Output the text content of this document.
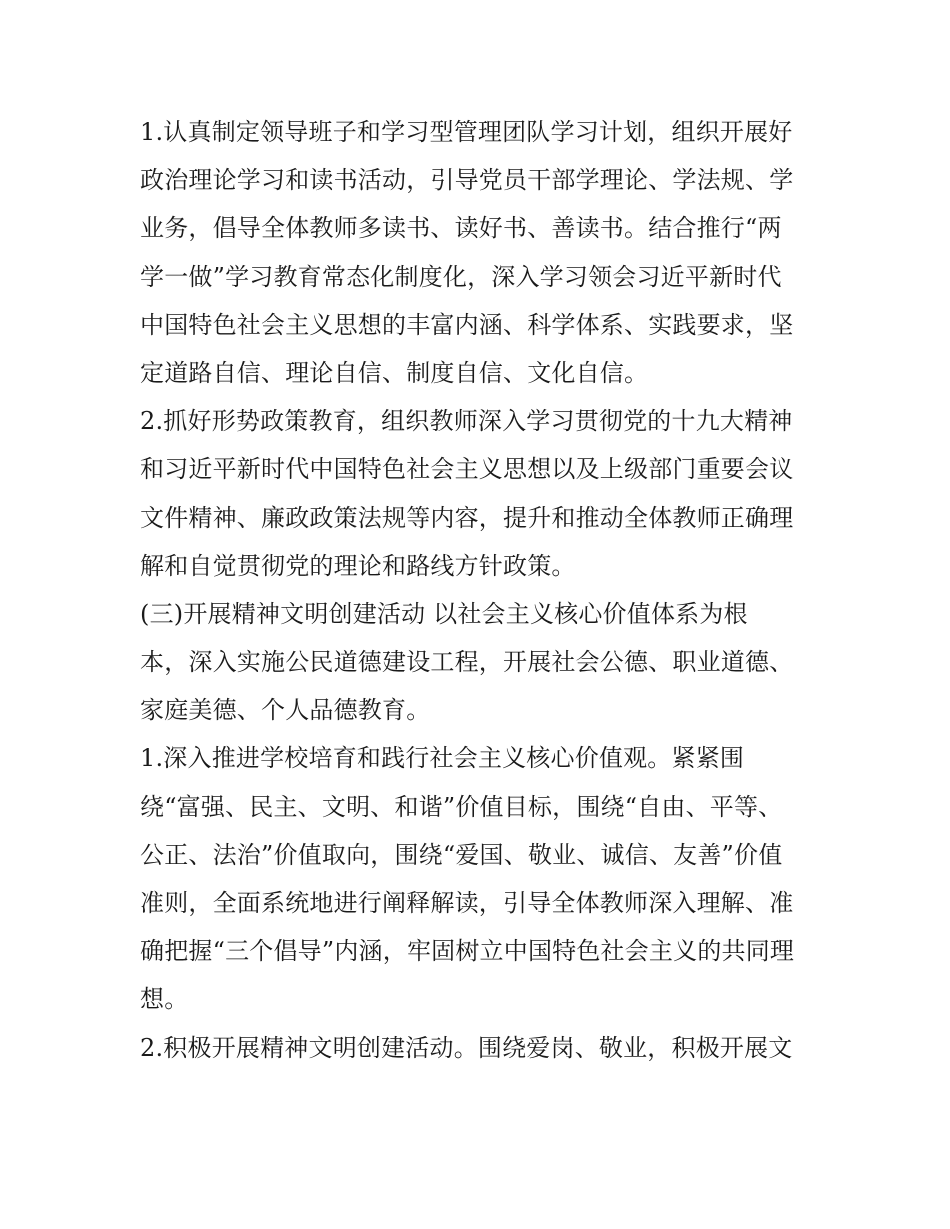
1.认真制定领导班子和学习型管理团队学习计划，组织开展好
政治理论学习和读书活动，引导党员干部学理论、学法规、学
业务，倡导全体教师多读书、读好书、善读书。结合推行“两
学一做”学习教育常态化制度化，深入学习领会习近平新时代
中国特色社会主义思想的丰富内涵、科学体系、实践要求，坚
定道路自信、理论自信、制度自信、文化自信。
2.抓好形势政策教育，组织教师深入学习贯彻党的十九大精神
和习近平新时代中国特色社会主义思想以及上级部门重要会议
文件精神、廉政政策法规等内容，提升和推动全体教师正确理
解和自觉贯彻党的理论和路线方针政策。
(三)开展精神文明创建活动 以社会主义核心价值体系为根
本，深入实施公民道德建设工程，开展社会公德、职业道德、
家庭美德、个人品德教育。
1.深入推进学校培育和践行社会主义核心价值观。紧紧围
绕“富强、民主、文明、和谐”价值目标，围绕“自由、平等、
公正、法治”价值取向，围绕“爱国、敬业、诚信、友善”价值
准则，全面系统地进行阐释解读，引导全体教师深入理解、准
确把握“三个倡导”内涵，牢固树立中国特色社会主义的共同理
想。
2.积极开展精神文明创建活动。围绕爱岗、敬业，积极开展文
